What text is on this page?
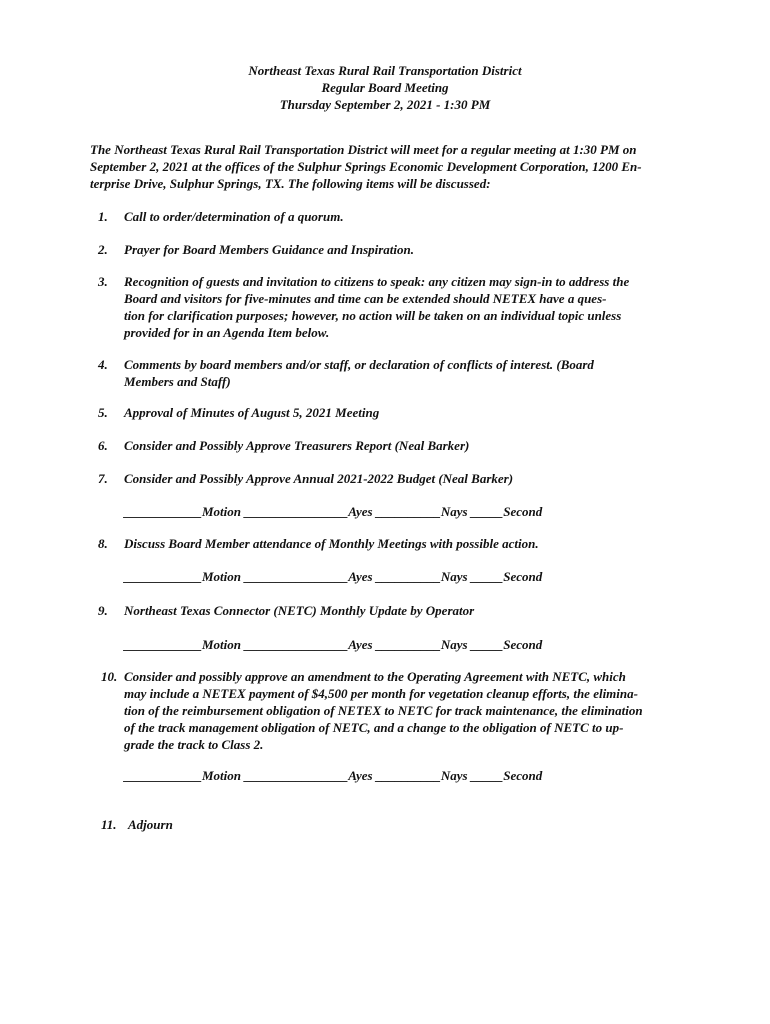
Northeast Texas Rural Rail Transportation District
Regular Board Meeting
Thursday September 2, 2021 - 1:30 PM
The Northeast Texas Rural Rail Transportation District will meet for a regular meeting at 1:30 PM on
September 2, 2021 at the offices of the Sulphur Springs Economic Development Corporation, 1200 En-
terprise Drive, Sulphur Springs, TX. The following items will be discussed:
1. Call to order/determination of a quorum.
2. Prayer for Board Members Guidance and Inspiration.
3. Recognition of guests and invitation to citizens to speak: any citizen may sign-in to address the
Board and visitors for five-minutes and time can be extended should NETEX have a ques-
tion for clarification purposes; however, no action will be taken on an individual topic unless
provided for in an Agenda Item below.
4. Comments by board members and/or staff, or declaration of conflicts of interest. (Board
Members and Staff)
5. Approval of Minutes of August 5, 2021 Meeting
6. Consider and Possibly Approve Treasurers Report (Neal Barker)
7. Consider and Possibly Approve Annual 2021-2022 Budget (Neal Barker)
____________Motion ________________Ayes __________Nays _____Second
8. Discuss Board Member attendance of Monthly Meetings with possible action.
____________Motion ________________Ayes __________Nays _____Second
9. Northeast Texas Connector (NETC) Monthly Update by Operator
____________Motion ________________Ayes __________Nays _____Second
10. Consider and possibly approve an amendment to the Operating Agreement with NETC, which
may include a NETEX payment of $4,500 per month for vegetation cleanup efforts, the elimina-
tion of the reimbursement obligation of NETEX to NETC for track maintenance, the elimination
of the track management obligation of NETC, and a change to the obligation of NETC to up-
grade the track to Class 2.
____________Motion ________________Ayes __________Nays _____Second
11. Adjourn
